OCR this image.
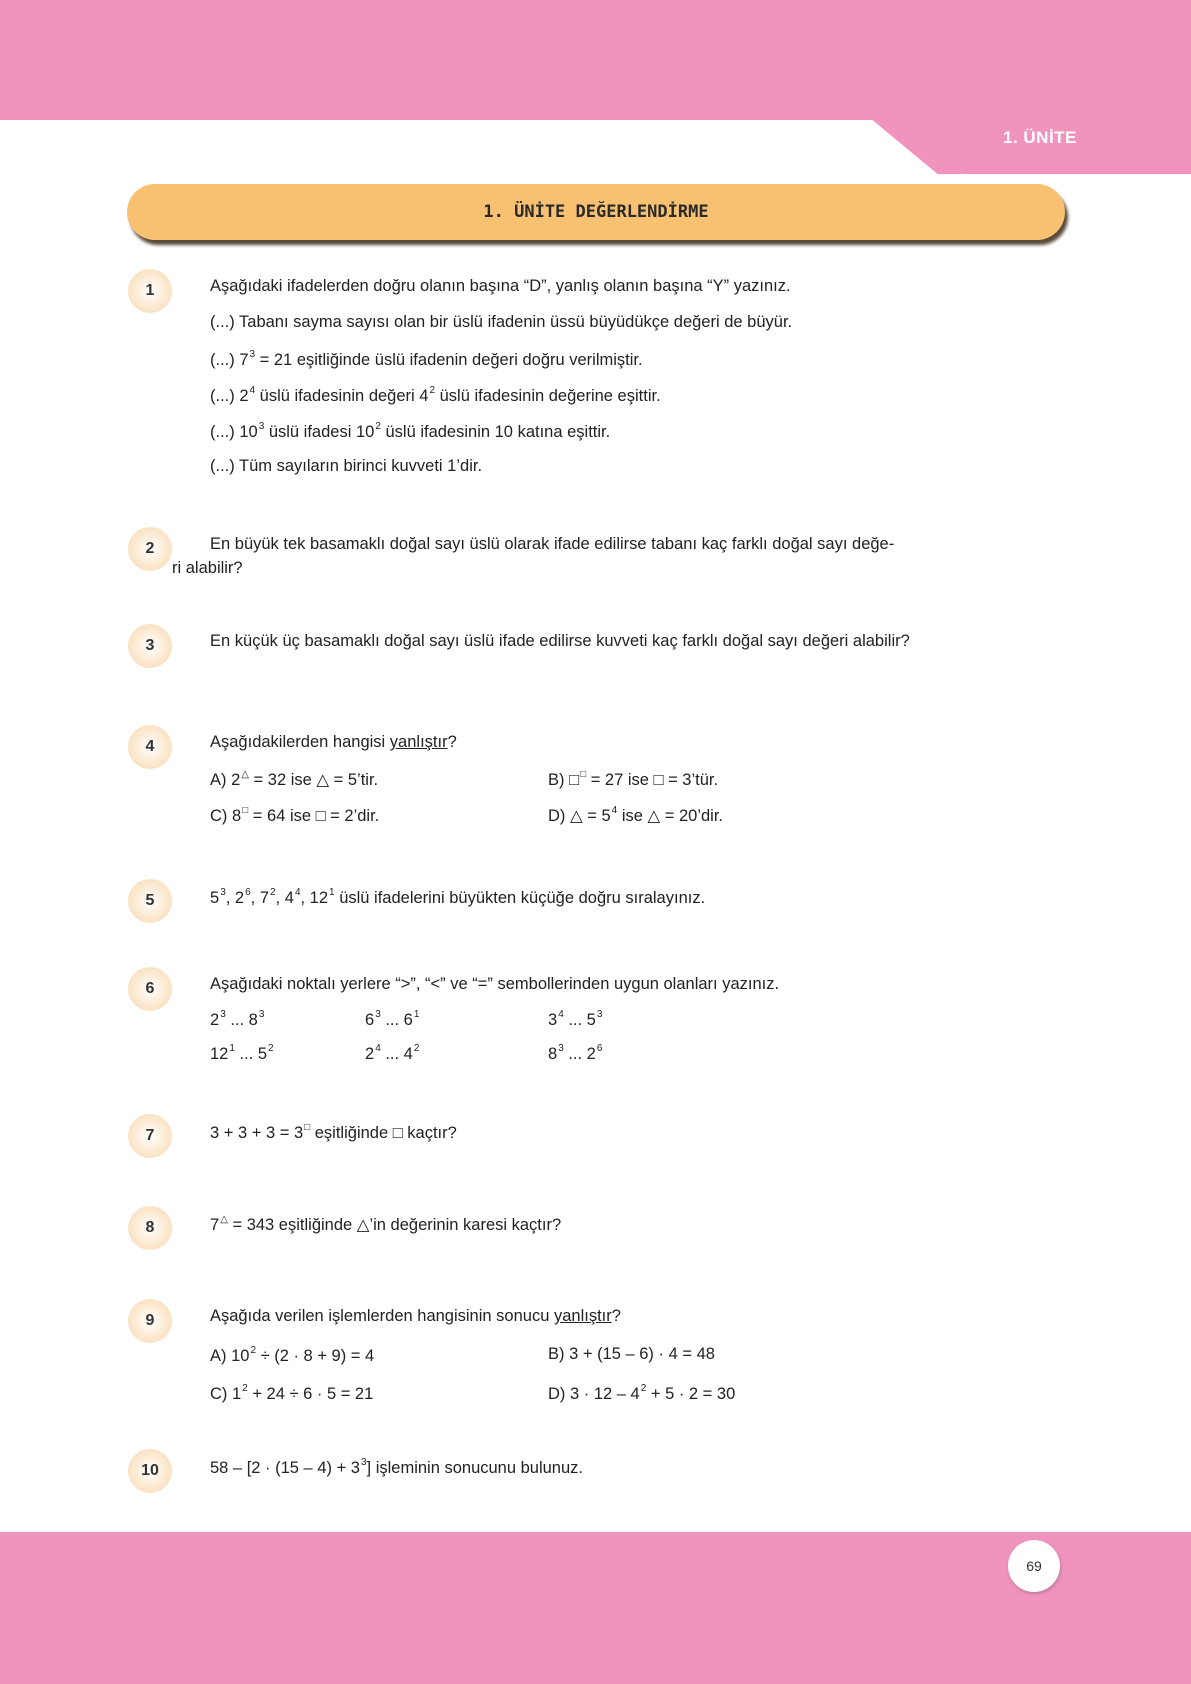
1. ÜNİTE
1. ÜNİTE DEĞERLENDİRME
1	Aşağıdaki ifadelerden doğru olanın başına “D”, yanlış olanın başına “Y” yazınız.
(...) Tabanı sayma sayısı olan bir üslü ifadenin üssü büyüdükçe değeri de büyür.
(...) $7^3 = 21$ eşitliğinde üslü ifadenin değeri doğru verilmiştir.
(...) $2^4$ üslü ifadesinin değeri $4^2$ üslü ifadesinin değerine eşittir.
(...) $10^3$ üslü ifadesi $10^2$ üslü ifadesinin 10 katına eşittir.
(...) Tüm sayıların birinci kuvveti 1’dir.
2	En büyük tek basamaklı doğal sayı üslü olarak ifade edilirse tabanı kaç farklı doğal sayı değe-
ri alabilir?
3	En küçük üç basamaklı doğal sayı üslü ifade edilirse kuvveti kaç farklı doğal sayı değeri alabilir?
4	Aşağıdakilerden hangisi yanlıştır?
A) 2△ = 32 ise △ = 5’tir.	B) □□ = 27 ise □ = 3’tür.
C) 8□ = 64 ise □ = 2’dir.	D) △ = $5^4$ ise △ = 20’dir.
5	$5^3$, $2^6$, $7^2$, $4^4$, $12^1$ üslü ifadelerini büyükten küçüğe doğru sıralayınız.
6	Aşağıdaki noktalı yerlere “>”, “<” ve “=” sembollerinden uygun olanları yazınız.
$2^3$ ... $8^3$	$6^3$ ... $6^1$	$3^4$ ... $5^3$
$12^1$ ... $5^2$	$2^4$ ... $4^2$	$8^3$ ... $2^6$
7	3 + 3 + 3 = 3□ eşitliğinde □ kaçtır?
8	7△ = 343 eşitliğinde △’in değerinin karesi kaçtır?
9	Aşağıda verilen işlemlerden hangisinin sonucu yanlıştır?
A) $10^2 \div (2 \cdot 8 + 9) = 4$	B) 3 + (15 – 6) · 4 = 48
C) $1^2 + 24 \div 6 \cdot 5 = 21$	D) $3 \cdot 12 - 4^2 + 5 \cdot 2 = 30$
10	$58 - [2 \cdot (15 - 4) + 3^3]$ işleminin sonucunu bulunuz.
69
